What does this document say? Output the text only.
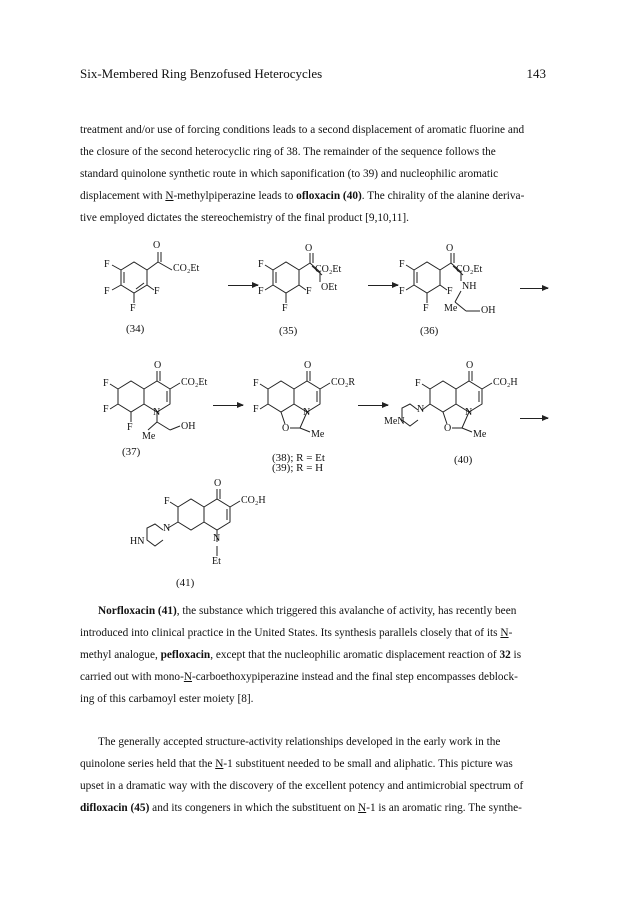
Six-Membered Ring Benzofused Heterocycles	143
treatment and/or use of forcing conditions leads to a second displacement of aromatic fluorine and
the closure of the second heterocyclic ring of 38. The remainder of the sequence follows the
standard quinolone synthetic route in which saponification (to 39) and nucleophilic aromatic
displacement with N-methylpiperazine leads to ofloxacin (40). The chirality of the alanine deriva-
tive employed dictates the stereochemistry of the final product [9,10,11].
O
CO₂Et
F
F	F
F
O
CO₂Et
OEt
F
F	F
F
O
CO₂Et
NH
Me OH
F
F	F
F
O
CO₂Et
N
OH
Me
F
F
F
O
CO₂R
N
O
Me
F
F
O
CO₂H
N
O
Me
F
N
MeN
O
CO₂H
N
Et
F
N
HN
(34)	(35)	(36)
(37)	(38); R = Et
(39); R = H
(40)
(41)
Norfloxacin (41), the substance which triggered this avalanche of activity, has recently been
introduced into clinical practice in the United States. Its synthesis parallels closely that of its N-
methyl analogue, pefloxacin, except that the nucleophilic aromatic displacement reaction of 32 is
carried out with mono-N-carboethoxypiperazine instead and the final step encompasses deblock-
ing of this carbamoyl ester moiety [8].
The generally accepted structure-activity relationships developed in the early work in the
quinolone series held that the N-1 substituent needed to be small and aliphatic. This picture was
upset in a dramatic way with the discovery of the excellent potency and antimicrobial spectrum of
difloxacin (45) and its congeners in which the substituent on N-1 is an aromatic ring. The synthe-
